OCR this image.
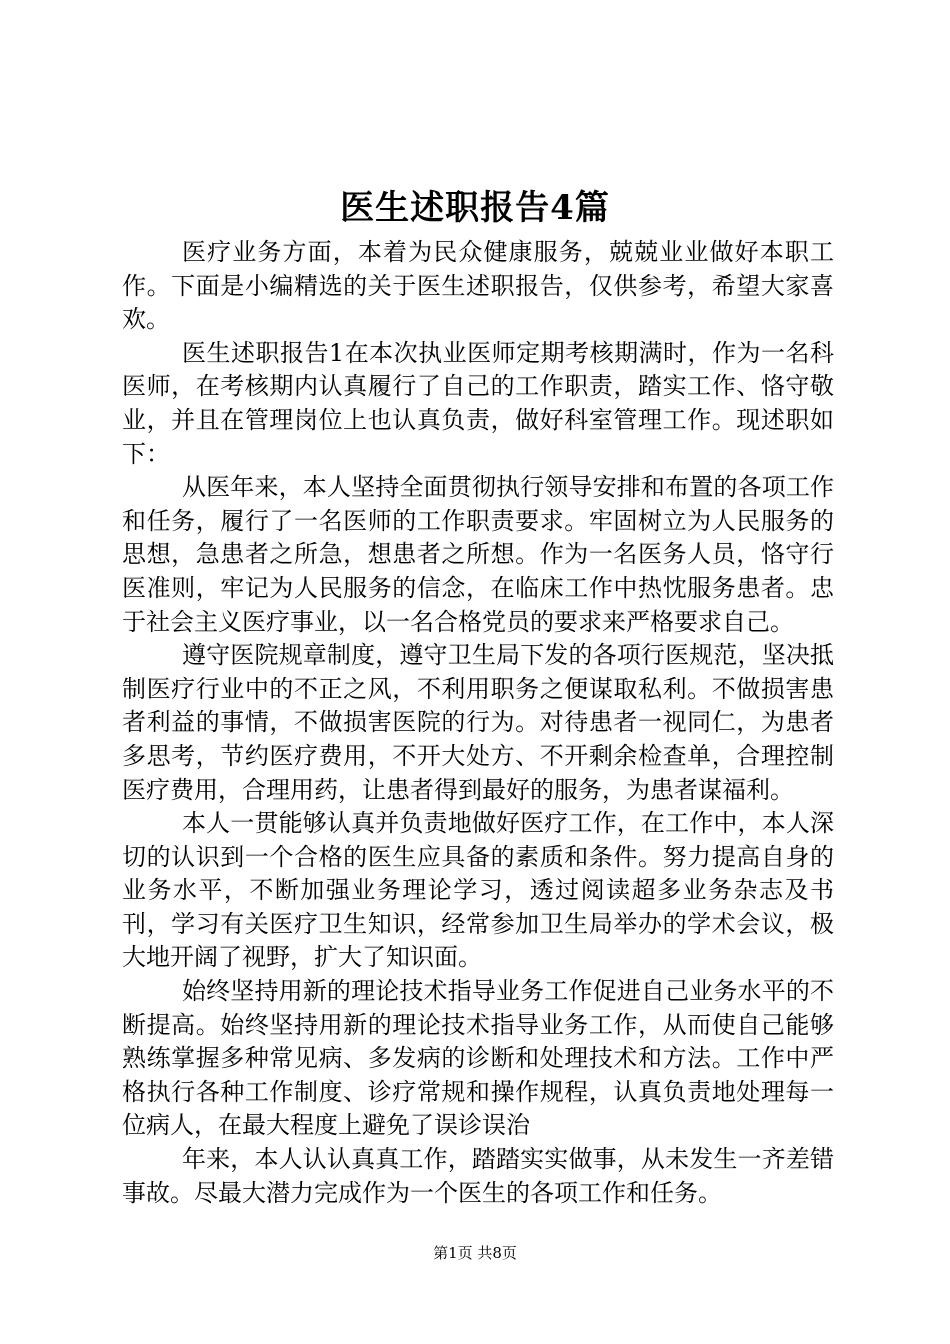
医生述职报告4篇

医疗业务方面，本着为民众健康服务，兢兢业业做好本职工作。下面是小编精选的关于医生述职报告，仅供参考，希望大家喜欢。

医生述职报告1在本次执业医师定期考核期满时，作为一名科医师，在考核期内认真履行了自己的工作职责，踏实工作、恪守敬业，并且在管理岗位上也认真负责，做好科室管理工作。现述职如下：

从医年来，本人坚持全面贯彻执行领导安排和布置的各项工作和任务，履行了一名医师的工作职责要求。牢固树立为人民服务的思想，急患者之所急，想患者之所想。作为一名医务人员，恪守行医准则，牢记为人民服务的信念，在临床工作中热忱服务患者。忠于社会主义医疗事业，以一名合格党员的要求来严格要求自己。

遵守医院规章制度，遵守卫生局下发的各项行医规范，坚决抵制医疗行业中的不正之风，不利用职务之便谋取私利。不做损害患者利益的事情，不做损害医院的行为。对待患者一视同仁，为患者多思考，节约医疗费用，不开大处方、不开剩余检查单，合理控制医疗费用，合理用药，让患者得到最好的服务，为患者谋福利。

本人一贯能够认真并负责地做好医疗工作，在工作中，本人深切的认识到一个合格的医生应具备的素质和条件。努力提高自身的业务水平，不断加强业务理论学习，透过阅读超多业务杂志及书刊，学习有关医疗卫生知识，经常参加卫生局举办的学术会议，极大地开阔了视野，扩大了知识面。

始终坚持用新的理论技术指导业务工作促进自己业务水平的不断提高。始终坚持用新的理论技术指导业务工作，从而使自己能够熟练掌握多种常见病、多发病的诊断和处理技术和方法。工作中严格执行各种工作制度、诊疗常规和操作规程，认真负责地处理每一位病人，在最大程度上避免了误诊误治

年来，本人认认真真工作，踏踏实实做事，从未发生一齐差错事故。尽最大潜力完成作为一个医生的各项工作和任务。

第1页 共8页
